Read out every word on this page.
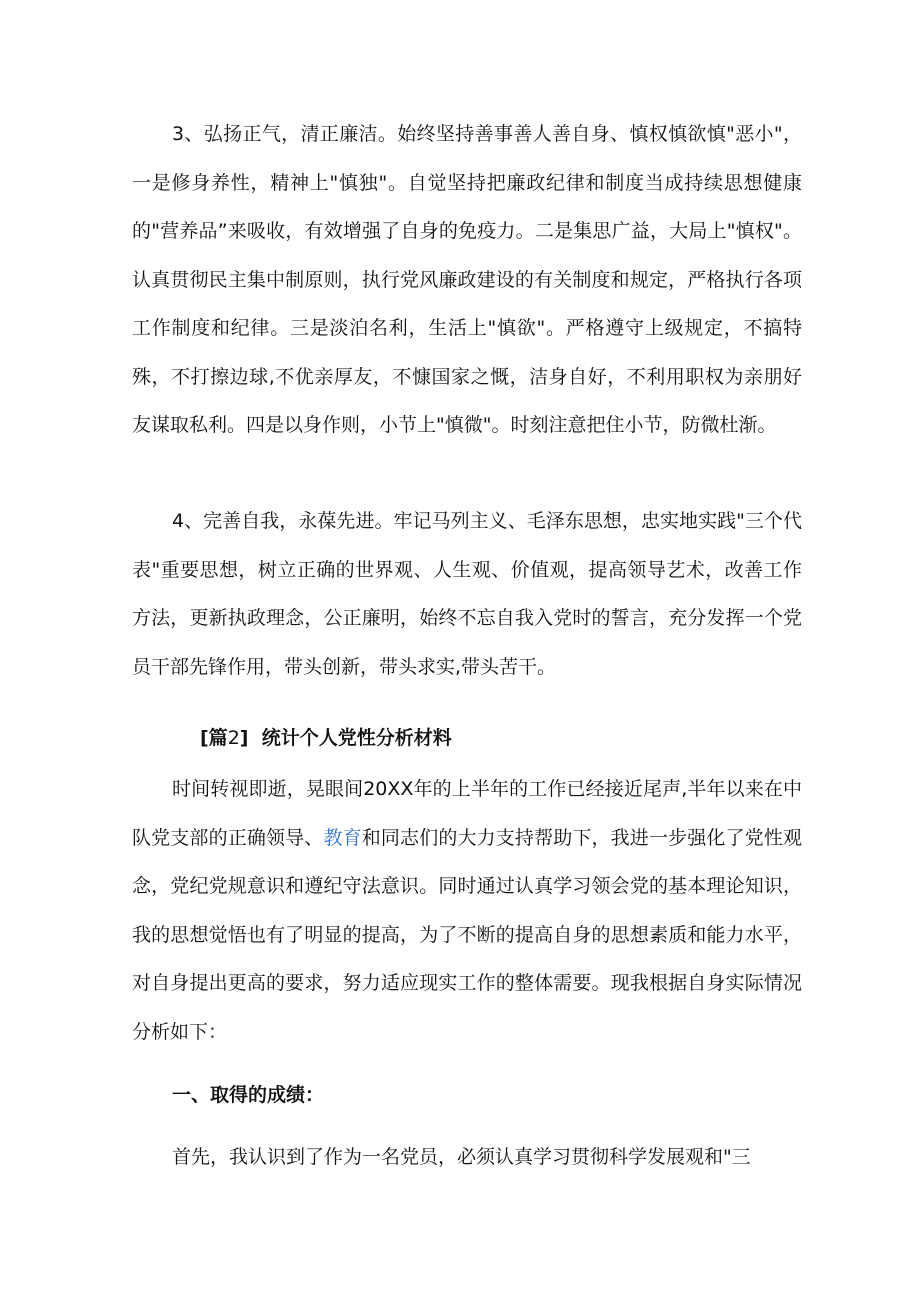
3、弘扬正气，清正廉洁。始终坚持善事善人善自身、慎权慎欲慎"恶小"，一是修身养性，精神上"慎独"。自觉坚持把廉政纪律和制度当成持续思想健康的"营养品”来吸收，有效增强了自身的免疫力。二是集思广益，大局上"慎权"。认真贯彻民主集中制原则，执行党风廉政建设的有关制度和规定，严格执行各项工作制度和纪律。三是淡泊名利，生活上"慎欲"。严格遵守上级规定，不搞特殊，不打擦边球,不优亲厚友，不慷国家之慨，洁身自好，不利用职权为亲朋好友谋取私利。四是以身作则，小节上"慎微"。时刻注意把住小节，防微杜渐。

4、完善自我，永葆先进。牢记马列主义、毛泽东思想，忠实地实践"三个代表"重要思想，树立正确的世界观、人生观、价值观，提高领导艺术，改善工作方法，更新执政理念，公正廉明，始终不忘自我入党时的誓言，充分发挥一个党员干部先锋作用，带头创新，带头求实,带头苦干。

[篇2] 统计个人党性分析材料

时间转视即逝，晃眼间20XX年的上半年的工作已经接近尾声,半年以来在中队党支部的正确领导、教育和同志们的大力支持帮助下，我进一步强化了党性观念，党纪党规意识和遵纪守法意识。同时通过认真学习领会党的基本理论知识，我的思想觉悟也有了明显的提高，为了不断的提高自身的思想素质和能力水平，对自身提出更高的要求，努力适应现实工作的整体需要。现我根据自身实际情况分析如下：

一、取得的成绩：

首先，我认识到了作为一名党员，必须认真学习贯彻科学发展观和"三
